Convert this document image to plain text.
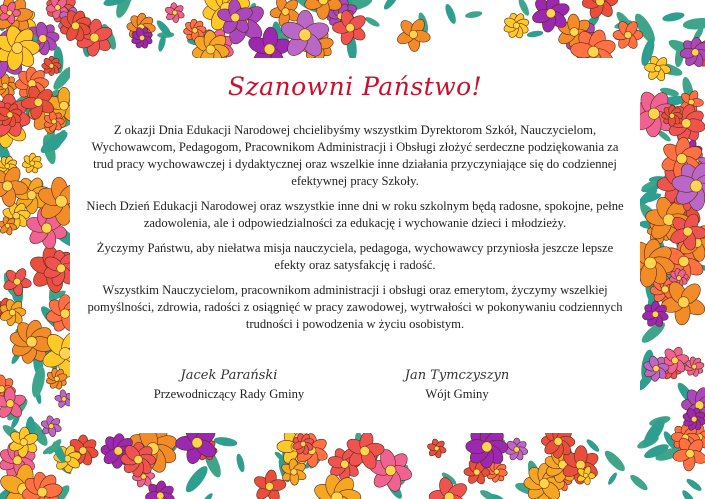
Szanowni Państwo!

Z okazji Dnia Edukacji Narodowej chcielibyśmy wszystkim Dyrektorom Szkół, Nauczycielom, Wychowawcom, Pedagogom, Pracownikom Administracji i Obsługi złożyć serdeczne podziękowania za trud pracy wychowawczej i dydaktycznej oraz wszelkie inne działania przyczyniające się do codziennej efektywnej pracy Szkoły.

Niech Dzień Edukacji Narodowej oraz wszystkie inne dni w roku szkolnym będą radosne, spokojne, pełne zadowolenia, ale i odpowiedzialności za edukację i wychowanie dzieci i młodzieży.

Życzymy Państwu, aby niełatwa misja nauczyciela, pedagoga, wychowawcy przyniosła jeszcze lepsze efekty oraz satysfakcję i radość.

Wszystkim Nauczycielom, pracownikom administracji i obsługi oraz emerytom, życzymy wszelkiej pomyślności, zdrowia, radości z osiągnięć w pracy zawodowej, wytrwałości w pokonywaniu codziennych trudności i powodzenia w życiu osobistym.

Jacek Parański
Przewodniczący Rady Gminy
Jan Tymczyszyn
Wójt Gminy
